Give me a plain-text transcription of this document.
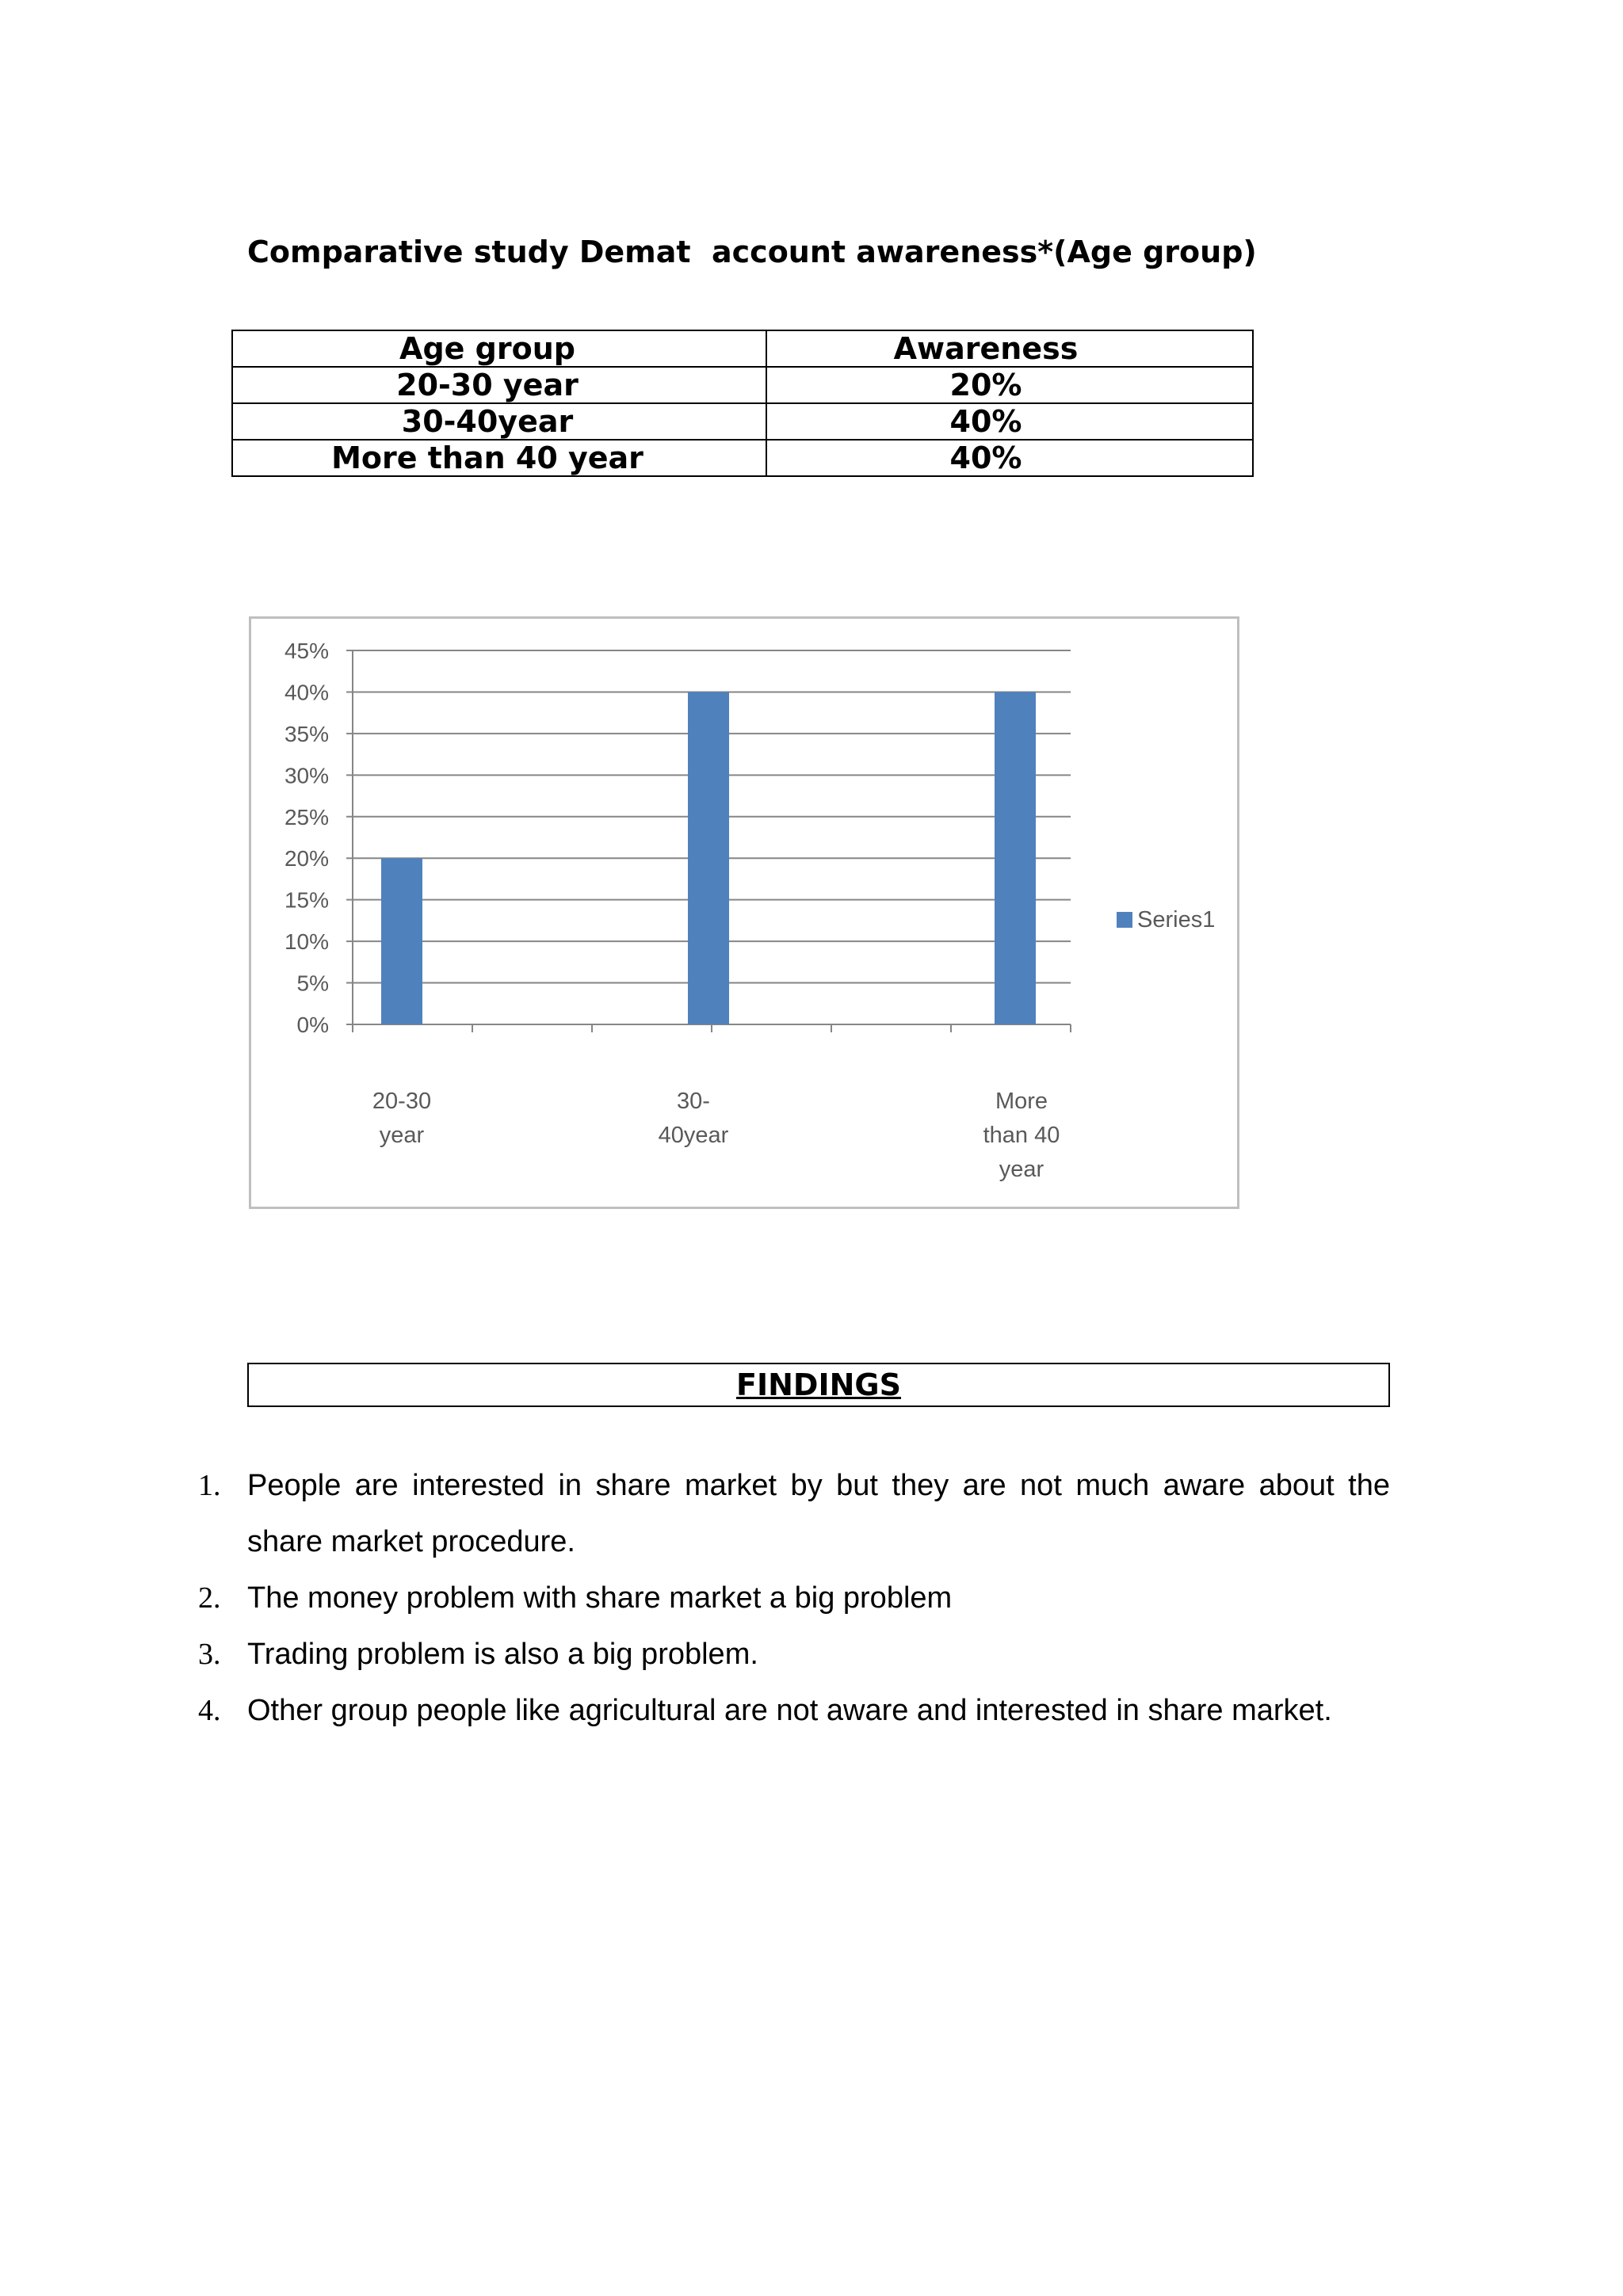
Comparative study Demat  account awareness*(Age group)
Age group	Awareness
20-30 year	20%
30-40year	40%
More than 40 year	40%
0%
5%
10%
15%
20%
25%
30%
35%
40%
45%
20-30
year
30-
40year
More
than 40
year
Series1
FINDINGS
1. People are interested in share market by but they are not much aware about the share market procedure.
2. The money problem with share market a big problem
3. Trading problem is also a big problem.
4. Other group people like agricultural are not aware and interested in share market.
